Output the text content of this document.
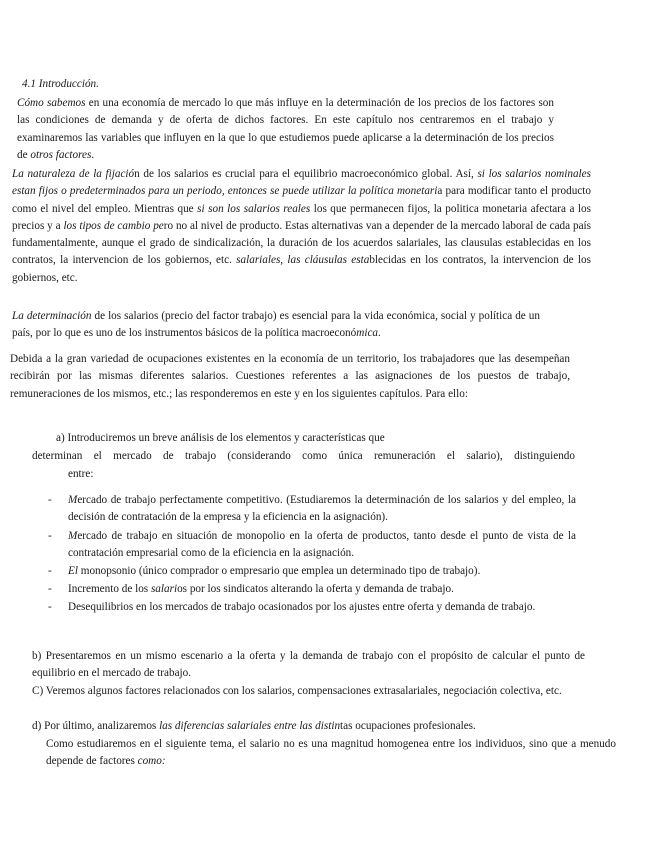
4.1 Introducción.

Cómo sabemos en una economía de mercado lo que más influye en la determinación de los precios de los factores son las condiciones de demanda y de oferta de dichos factores. En este capítulo nos centraremos en el trabajo y examinaremos las variables que influyen en la que lo que estudiemos puede aplicarse a la determinación de los precios de otros factores.

La naturaleza de la fijación de los salarios es crucial para el equilibrio macroeconómico global. Así, si los salarios nominales estan fijos o predeterminados para un periodo, entonces se puede utilizar la política monetaria para modificar tanto el producto como el nivel del empleo. Mientras que si son los salarios reales los que permanecen fijos, la politica monetaria afectara a los precios y a los tipos de cambio pero no al nivel de producto. Estas alternativas van a depender de la mercado laboral de cada país fundamentalmente, aunque el grado de sindicalización, la duración de los acuerdos salariales, las clausulas establecidas en los contratos, la intervencion de los gobiernos, etc. salariales, las cláusulas establecidas en los contratos, la intervencion de los gobiernos, etc.

La determinación de los salarios (precio del factor trabajo) es esencial para la vida económica, social y política de un país, por lo que es uno de los instrumentos básicos de la política macroeconómica.

Debida a la gran variedad de ocupaciones existentes en la economía de un territorio, los trabajadores que las desempeñan recibirán por las mismas diferentes salarios. Cuestiones referentes a las asignaciones de los puestos de trabajo, remuneraciones de los mismos, etc.; las responderemos en este y en los siguientes capítulos. Para ello:

a) Introduciremos un breve análisis de los elementos y características que
determinan el mercado de trabajo (considerando como única remuneración el salario), distinguiendo
entre:
- Mercado de trabajo perfectamente competitivo. (Estudiaremos la determinación de los salarios y del empleo, la decisión de contratación de la empresa y la eficiencia en la asignación).
- Mercado de trabajo en situación de monopolio en la oferta de productos, tanto desde el punto de vista de la contratación empresarial como de la eficiencia en la asignación.
- El monopsonio (único comprador o empresario que emplea un determinado tipo de trabajo).
- Incremento de los salarios por los sindicatos alterando la oferta y demanda de trabajo.
- Desequilibrios en los mercados de trabajo ocasionados por los ajustes entre oferta y demanda de trabajo.

b) Presentaremos en un mismo escenario a la oferta y la demanda de trabajo con el propósito de calcular el punto de equilibrio en el mercado de trabajo.

C) Veremos algunos factores relacionados con los salarios, compensaciones extrasalariales, negociación colectiva, etc.

d) Por último, analizaremos las diferencias salariales entre las distintas ocupaciones profesionales.

Como estudiaremos en el siguiente tema, el salario no es una magnitud homogenea entre los individuos, sino que a menudo depende de factores como:
